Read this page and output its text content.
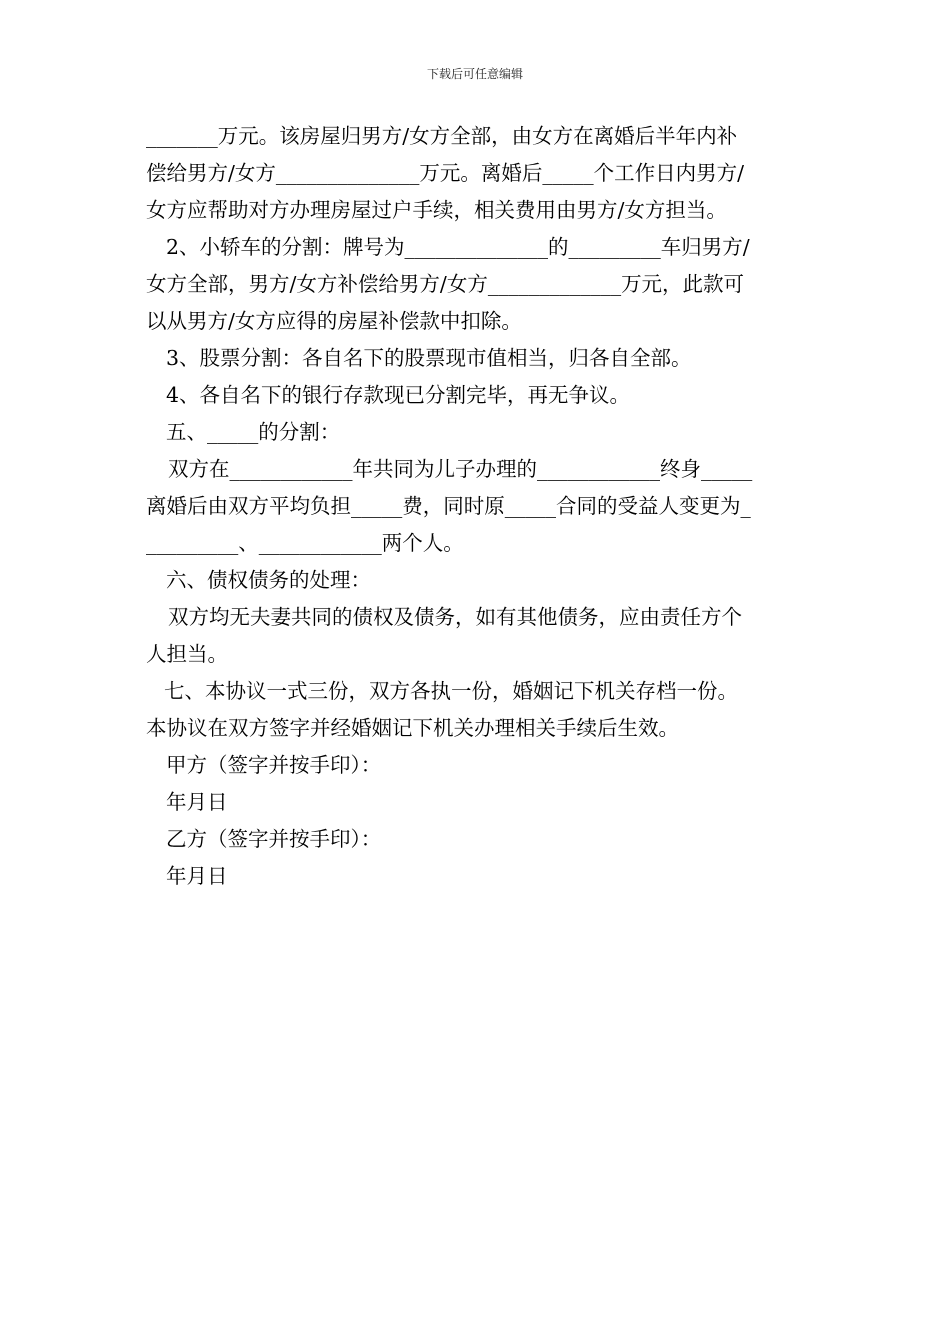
下载后可任意编辑
_______万元。该房屋归男方/女方全部，由女方在离婚后半年内补
偿给男方/女方______________万元。离婚后_____个工作日内男方/
女方应帮助对方办理房屋过户手续，相关费用由男方/女方担当。
2、小轿车的分割：牌号为______________的_________车归男方/
女方全部，男方/女方补偿给男方/女方_____________万元，此款可
以从男方/女方应得的房屋补偿款中扣除。
3、股票分割：各自名下的股票现市值相当，归各自全部。
4、各自名下的银行存款现已分割完毕，再无争议。
五、_____的分割：
双方在____________年共同为儿子办理的____________终身_____
离婚后由双方平均负担_____费，同时原_____合同的受益人变更为_
_________、____________两个人。
六、债权债务的处理：
双方均无夫妻共同的债权及债务，如有其他债务，应由责任方个
人担当。
七、本协议一式三份，双方各执一份，婚姻记下机关存档一份。
本协议在双方签字并经婚姻记下机关办理相关手续后生效。
甲方（签字并按手印）：
年月日
乙方（签字并按手印）：
年月日
